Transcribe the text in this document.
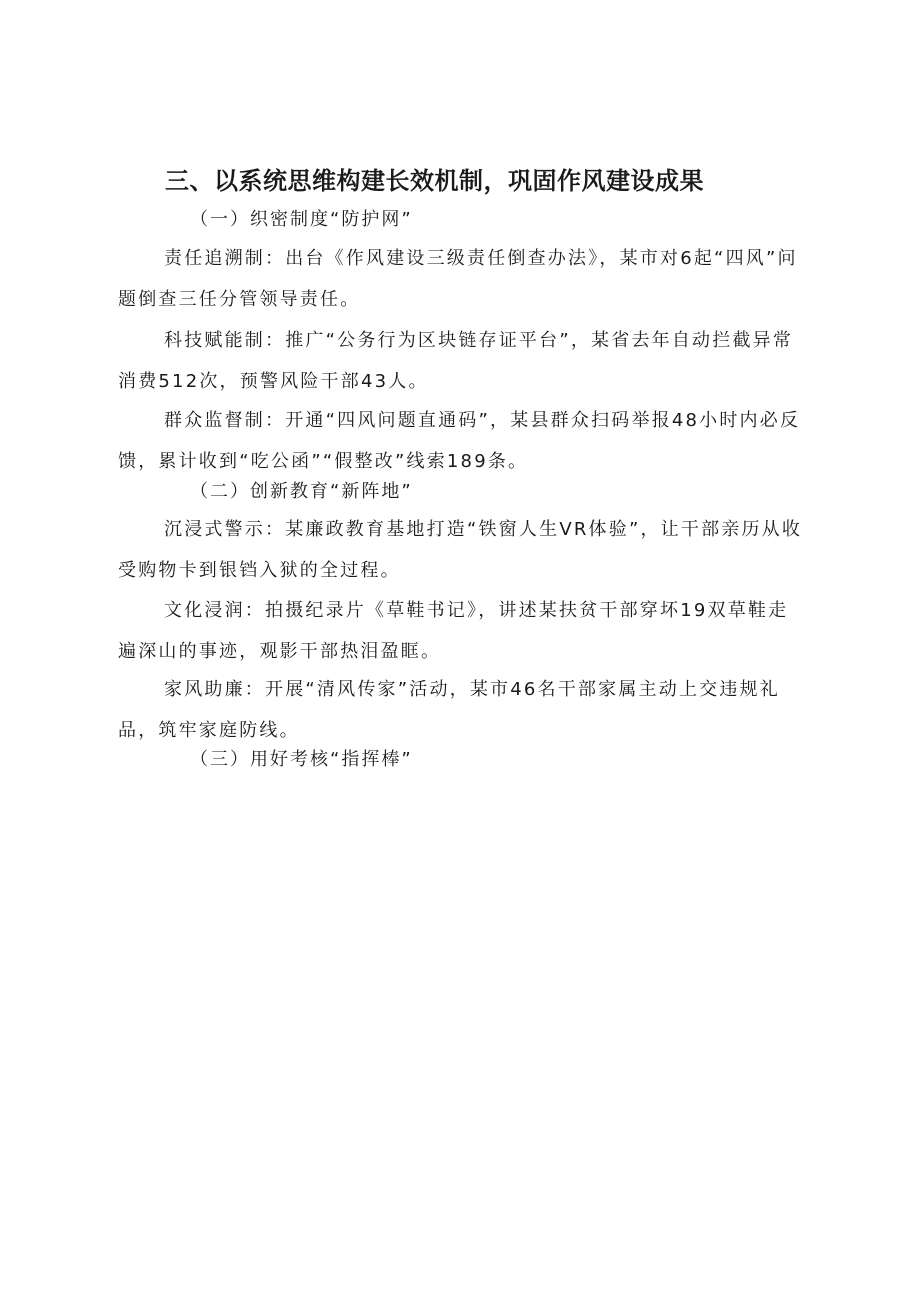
三、以系统思维构建长效机制，巩固作风建设成果
（一）织密制度“防护网”

责任追溯制：出台《作风建设三级责任倒查办法》，某市对6起“四风”问题倒查三任分管领导责任。

科技赋能制：推广“公务行为区块链存证平台”，某省去年自动拦截异常消费512次，预警风险干部43人。

群众监督制：开通“四风问题直通码”，某县群众扫码举报48小时内必反馈，累计收到“吃公函”“假整改”线索189条。

（二）创新教育“新阵地”

沉浸式警示：某廉政教育基地打造“铁窗人生VR体验”，让干部亲历从收受购物卡到银铛入狱的全过程。

文化浸润：拍摄纪录片《草鞋书记》，讲述某扶贫干部穿坏19双草鞋走遍深山的事迹，观影干部热泪盈眶。

家风助廉：开展“清风传家”活动，某市46名干部家属主动上交违规礼品，筑牢家庭防线。

（三）用好考核“指挥棒”
